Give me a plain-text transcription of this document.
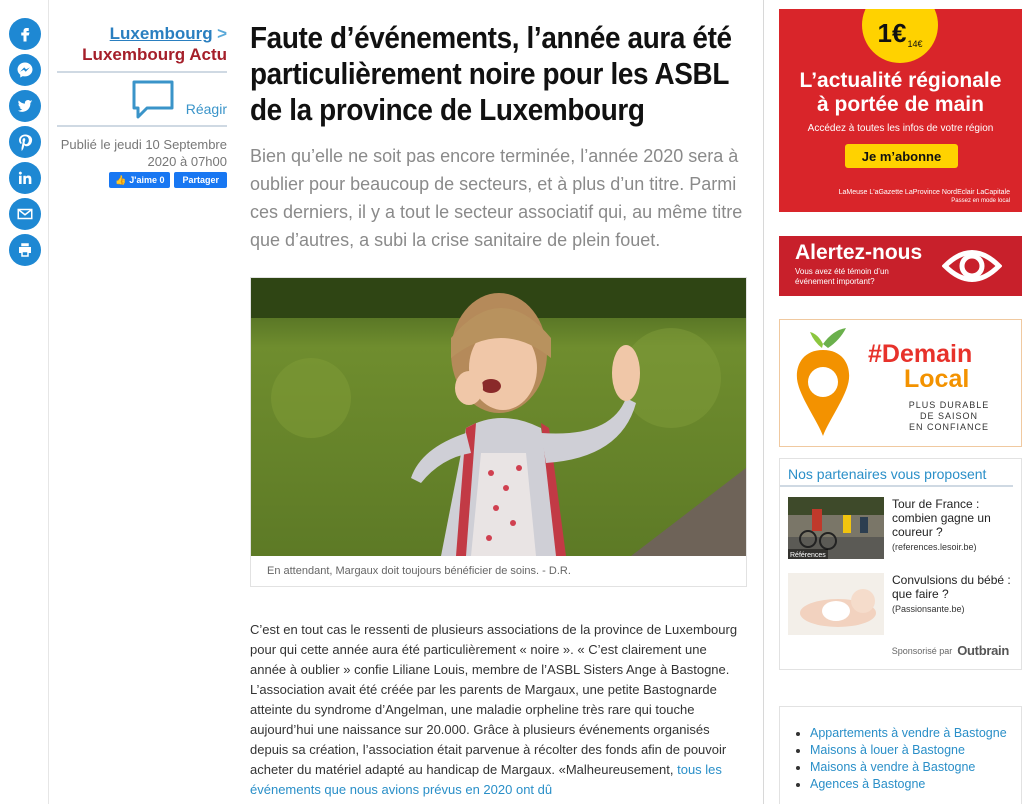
Luxembourg >
Luxembourg Actu
Réagir
Publié le jeudi 10 Septembre
2020 à 07h00
👍 J'aime 0	Partager
Faute d’événements, l’année aura été particulièrement noire pour les ASBL de la province de Luxembourg

Bien qu’elle ne soit pas encore terminée, l’année 2020 sera à oublier pour beaucoup de secteurs, et à plus d’un titre. Parmi ces derniers, il y a tout le secteur associatif qui, au même titre que d’autres, a subi la crise sanitaire de plein fouet.

En attendant, Margaux doit toujours bénéficier de soins. - D.R.
C’est en tout cas le ressenti de plusieurs associations de la province de Luxembourg pour qui cette année aura été particulièrement « noire ». « C’est clairement une année à oublier » confie Liliane Louis, membre de l’ASBL Sisters Ange à Bastogne. L’association avait été créée par les parents de Margaux, une petite Bastognarde atteinte du syndrome d’Angelman, une maladie orpheline très rare qui touche aujourd’hui une naissance sur 20.000. Grâce à plusieurs événements organisés depuis sa création, l’association était parvenue à récolter des fonds afin de pouvoir acheter du matériel adapté au handicap de Margaux. «Malheureusement, tous les événements que nous avions prévus en 2020 ont dû
$1€_{14€}$
L’actualité régionale
à portée de main
Accédez à toutes les infos de votre région
Je m’abonne
LaMeuse L'aGazette LaProvince NordEclair LaCapitale
Passez en mode local
Alertez-nous
Vous avez été témoin d’un événement important?
#Demain
Local
PLUS DURABLE
DE SAISON
EN CONFIANCE
Nos partenaires vous proposent
Références
Tour de France : combien gagne un coureur ?
(references.lesoir.be)
Convulsions du bébé : que faire ?
(Passionsante.be)
Sponsorisé par Outbrain
• Appartements à vendre à Bastogne
• Maisons à louer à Bastogne
• Maisons à vendre à Bastogne
• Agences à Bastogne
